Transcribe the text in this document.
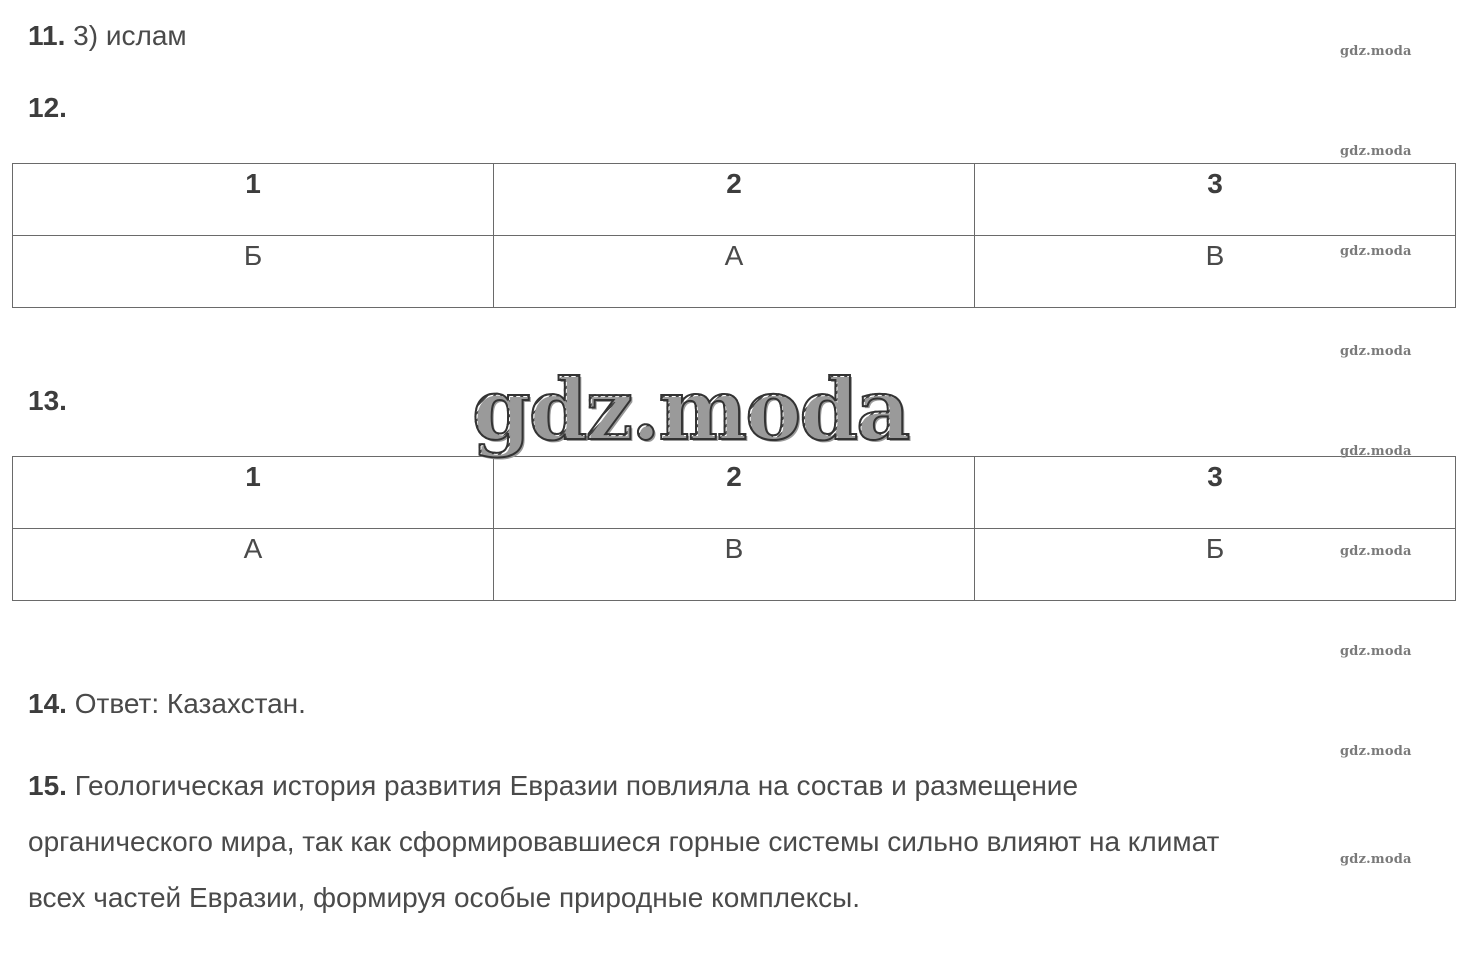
11. 3) ислам
12.
1	2	3
Б	А	В
13.
1	2	3
А	В	Б
14. Ответ: Казахстан.
15. Геологическая история развития Евразии повлияла на состав и размещение
органического мира, так как сформировавшиеся горные системы сильно влияют на климат
всех частей Евразии, формируя особые природные комплексы.
gdz.moda
gdz.moda
gdz.moda
gdz.moda
gdz.moda
gdz.moda
gdz.moda
gdz.moda
gdz.moda
gdz.moda
